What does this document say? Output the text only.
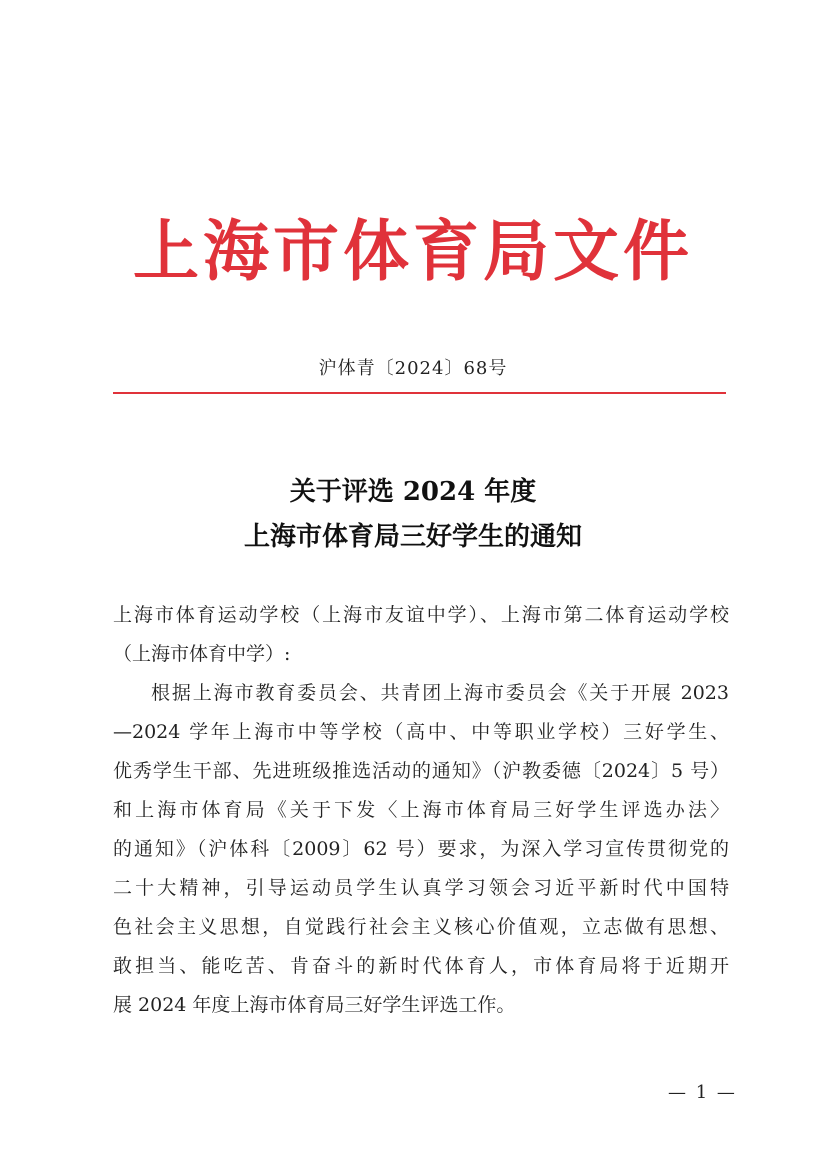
上海市体育局文件
沪体青〔2024〕68号
关于评选 2024 年度
上海市体育局三好学生的通知
上海市体育运动学校（上海市友谊中学）、上海市第二体育运动学校
（上海市体育中学）:
根据上海市教育委员会、共青团上海市委员会《关于开展 2023
—2024 学年上海市中等学校（高中、中等职业学校）三好学生、
优秀学生干部、先进班级推选活动的通知》（沪教委德〔2024〕5 号）
和上海市体育局《关于下发〈上海市体育局三好学生评选办法〉
的通知》（沪体科〔2009〕62 号）要求，为深入学习宣传贯彻党的
二十大精神，引导运动员学生认真学习领会习近平新时代中国特
色社会主义思想，自觉践行社会主义核心价值观，立志做有思想、
敢担当、能吃苦、肯奋斗的新时代体育人，市体育局将于近期开
展 2024 年度上海市体育局三好学生评选工作。
— 1 —
